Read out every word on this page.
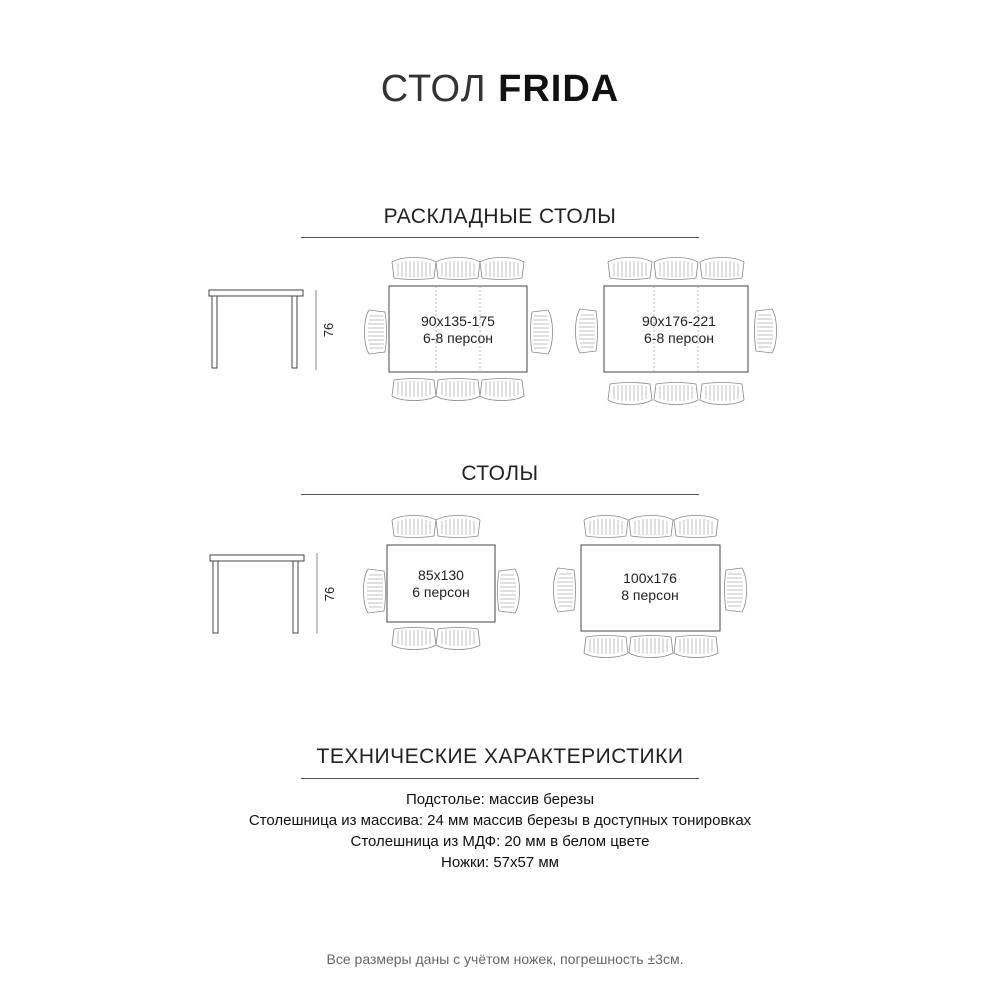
СТОЛ FRIDA
РАСКЛАДНЫЕ СТОЛЫ
СТОЛЫ
ТЕХНИЧЕСКИЕ ХАРАКТЕРИСТИКИ
76
90x135-175
6-8 персон
90x176-221
6-8 персон
76
85x130
6 персон
100x176
8 персон
Подстолье: массив березы
Столешница из массива: 24 мм массив березы в доступных тонировках
Столешница из МДФ: 20 мм в белом цвете
Ножки: 57x57 мм
Все размеры даны с учётом ножек, погрешность ±3см.
